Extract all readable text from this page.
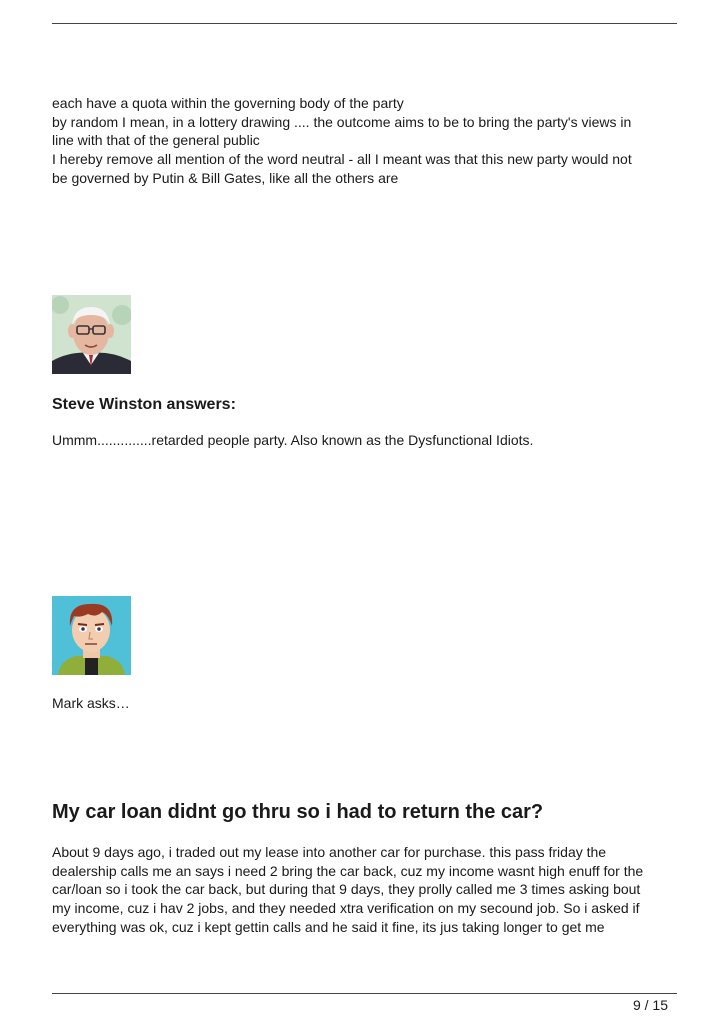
each have a quota within the governing body of the party
by random I mean, in a lottery drawing .... the outcome aims to be to bring the party's views in
line with that of the general public
I hereby remove all mention of the word neutral - all I meant was that this new party would not
be governed by Putin & Bill Gates, like all the others are
Steve Winston answers:
Ummm..............retarded people party. Also known as the Dysfunctional Idiots.
Mark asks…
My car loan didnt go thru so i had to return the car?
About 9 days ago, i traded out my lease into another car for purchase. this pass friday the
dealership calls me an says i need 2 bring the car back, cuz my income wasnt high enuff for the
car/loan so i took the car back, but during that 9 days, they prolly called me 3 times asking bout
my income, cuz i hav 2 jobs, and they needed xtra verification on my secound job. So i asked if
everything was ok, cuz i kept gettin calls and he said it fine, its jus taking longer to get me
9 / 15
